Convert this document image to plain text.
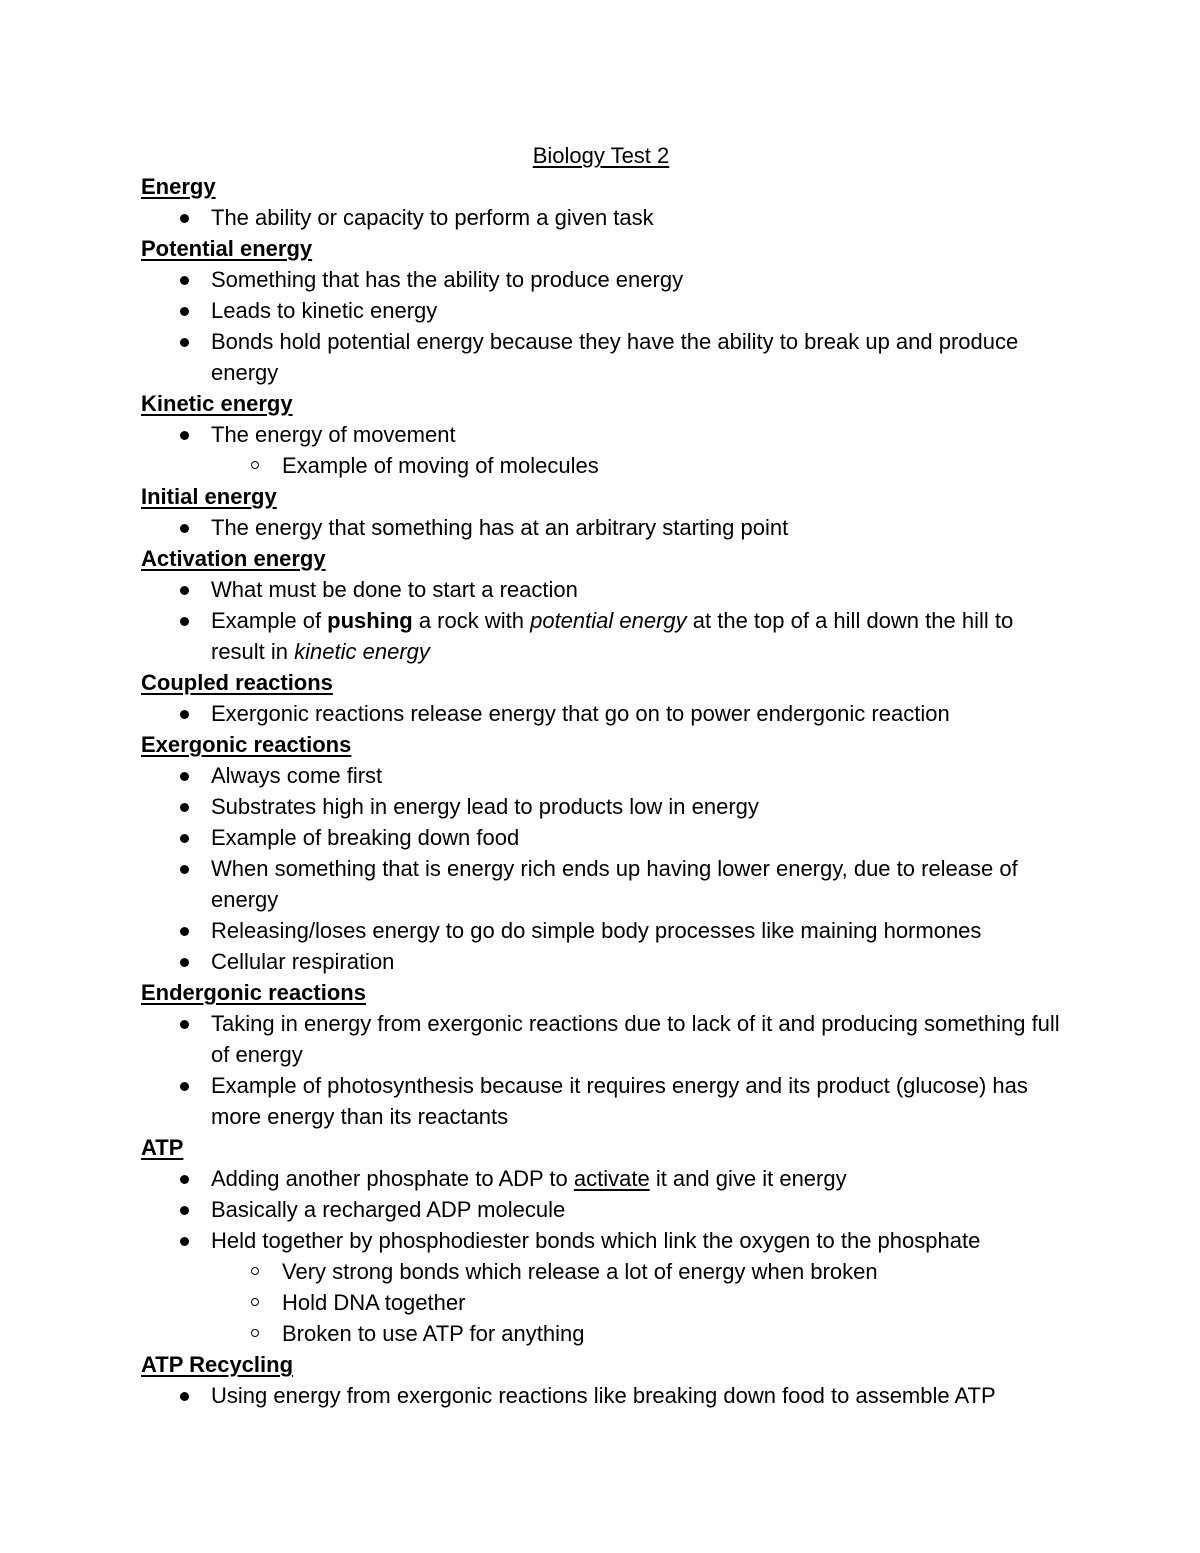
Biology Test 2

Energy

The ability or capacity to perform a given task

Potential energy

Something that has the ability to produce energy
Leads to kinetic energy
Bonds hold potential energy because they have the ability to break up and produce energy

Kinetic energy

The energy of movement
Example of moving of molecules

Initial energy

The energy that something has at an arbitrary starting point

Activation energy

What must be done to start a reaction
Example of pushing a rock with potential energy at the top of a hill down the hill to result in kinetic energy

Coupled reactions

Exergonic reactions release energy that go on to power endergonic reaction

Exergonic reactions

Always come first
Substrates high in energy lead to products low in energy
Example of breaking down food
When something that is energy rich ends up having lower energy, due to release of energy
Releasing/loses energy to go do simple body processes like maining hormones
Cellular respiration

Endergonic reactions

Taking in energy from exergonic reactions due to lack of it and producing something full of energy
Example of photosynthesis because it requires energy and its product (glucose) has more energy than its reactants

ATP

Adding another phosphate to ADP to activate it and give it energy
Basically a recharged ADP molecule
Held together by phosphodiester bonds which link the oxygen to the phosphate
Very strong bonds which release a lot of energy when broken
Hold DNA together
Broken to use ATP for anything

ATP Recycling

Using energy from exergonic reactions like breaking down food to assemble ATP
